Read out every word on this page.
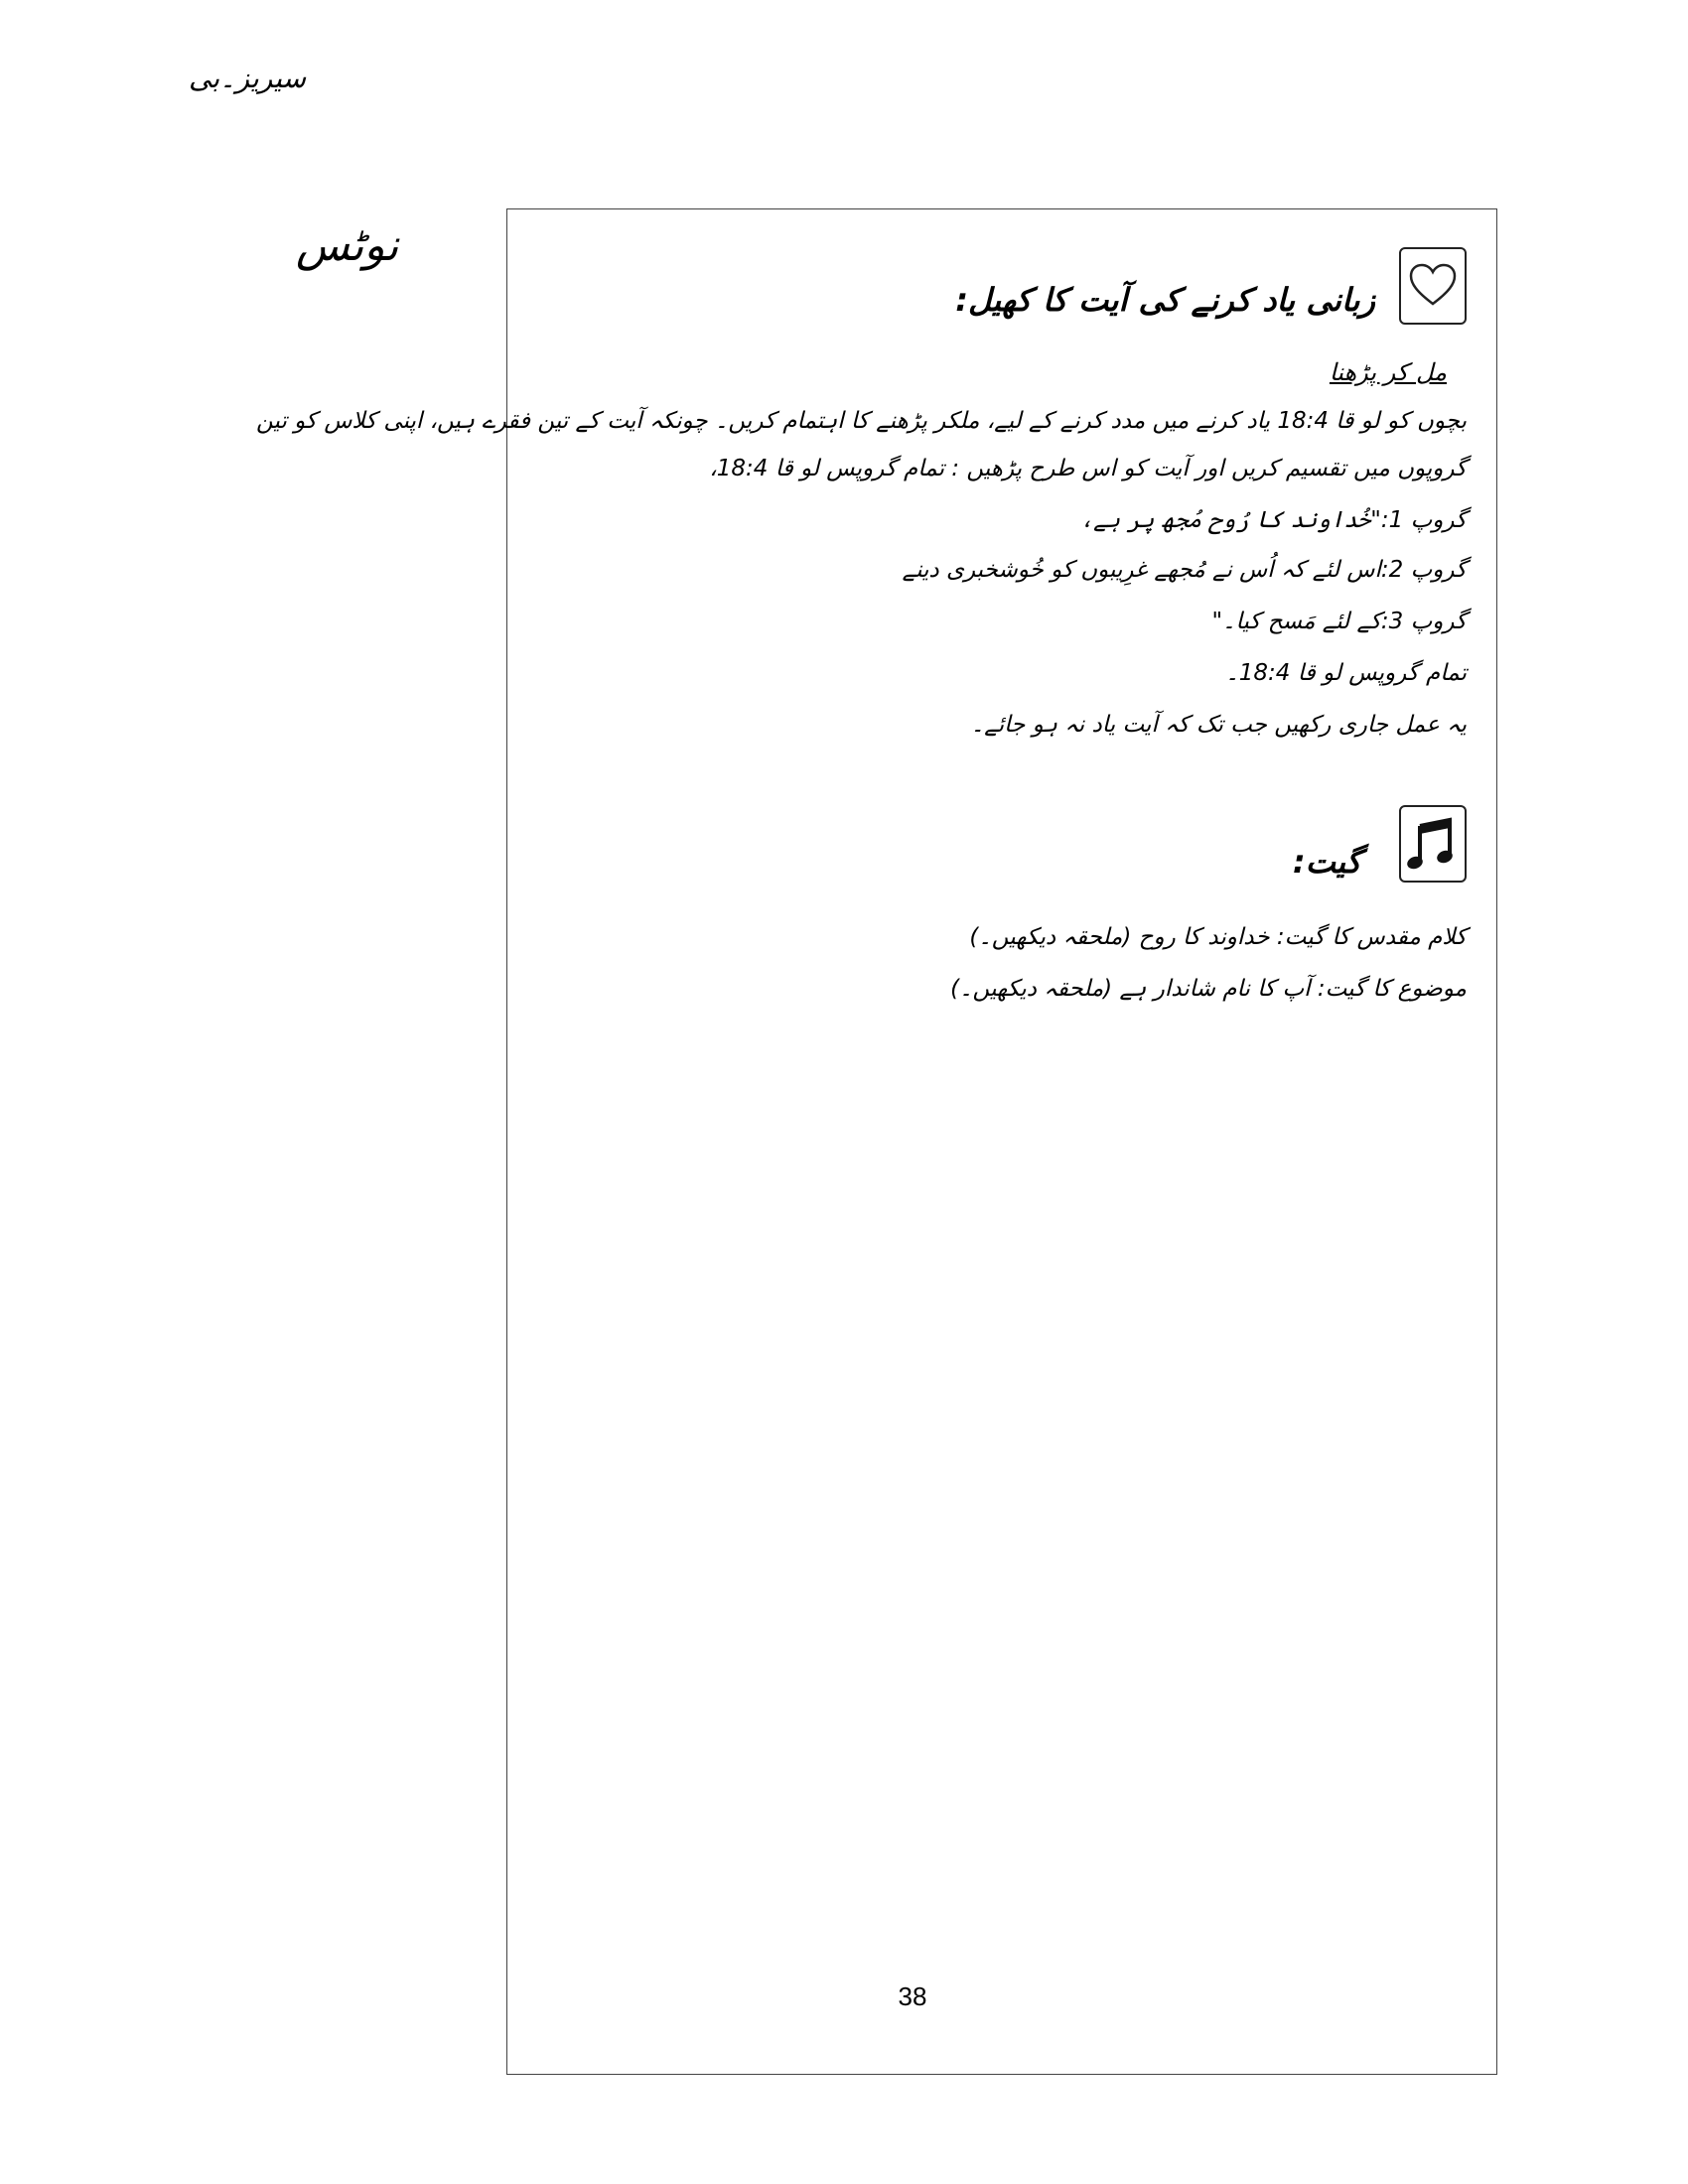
سیریز۔بی
نوٹس
زبانی یاد کرنے کی آیت کا کھیل:
مل کر پڑھنا
بچوں کو لو قا 18:4 یاد کرنے میں مدد کرنے کے لیے، ملکر پڑھنے کا اہتمام کریں۔ چونکہ آیت کے تین فقرے ہیں، اپنی کلاس کو تین
گروپوں میں تقسیم کریں اور آیت کو اس طرح پڑھیں : تمام گروپس لو قا 18:4،
گروپ 1:"خُداوند کا رُوح مُجھ پر ہے،
گروپ 2:اس لئے کہ اُس نے مُجھے غرِیبوں کو خُوشخبری دینے
گروپ 3:کے لئے مَسح کیا۔"
تمام گروپس لو قا 18:4۔
یہ عمل جاری رکھیں جب تک کہ آیت یاد نہ ہو جائے۔
گیت:
کلام مقدس کا گیت: خداوند کا روح (ملحقہ دیکھیں۔)
موضوع کا گیت: آپ کا نام شاندار ہے (ملحقہ دیکھیں۔)
38
